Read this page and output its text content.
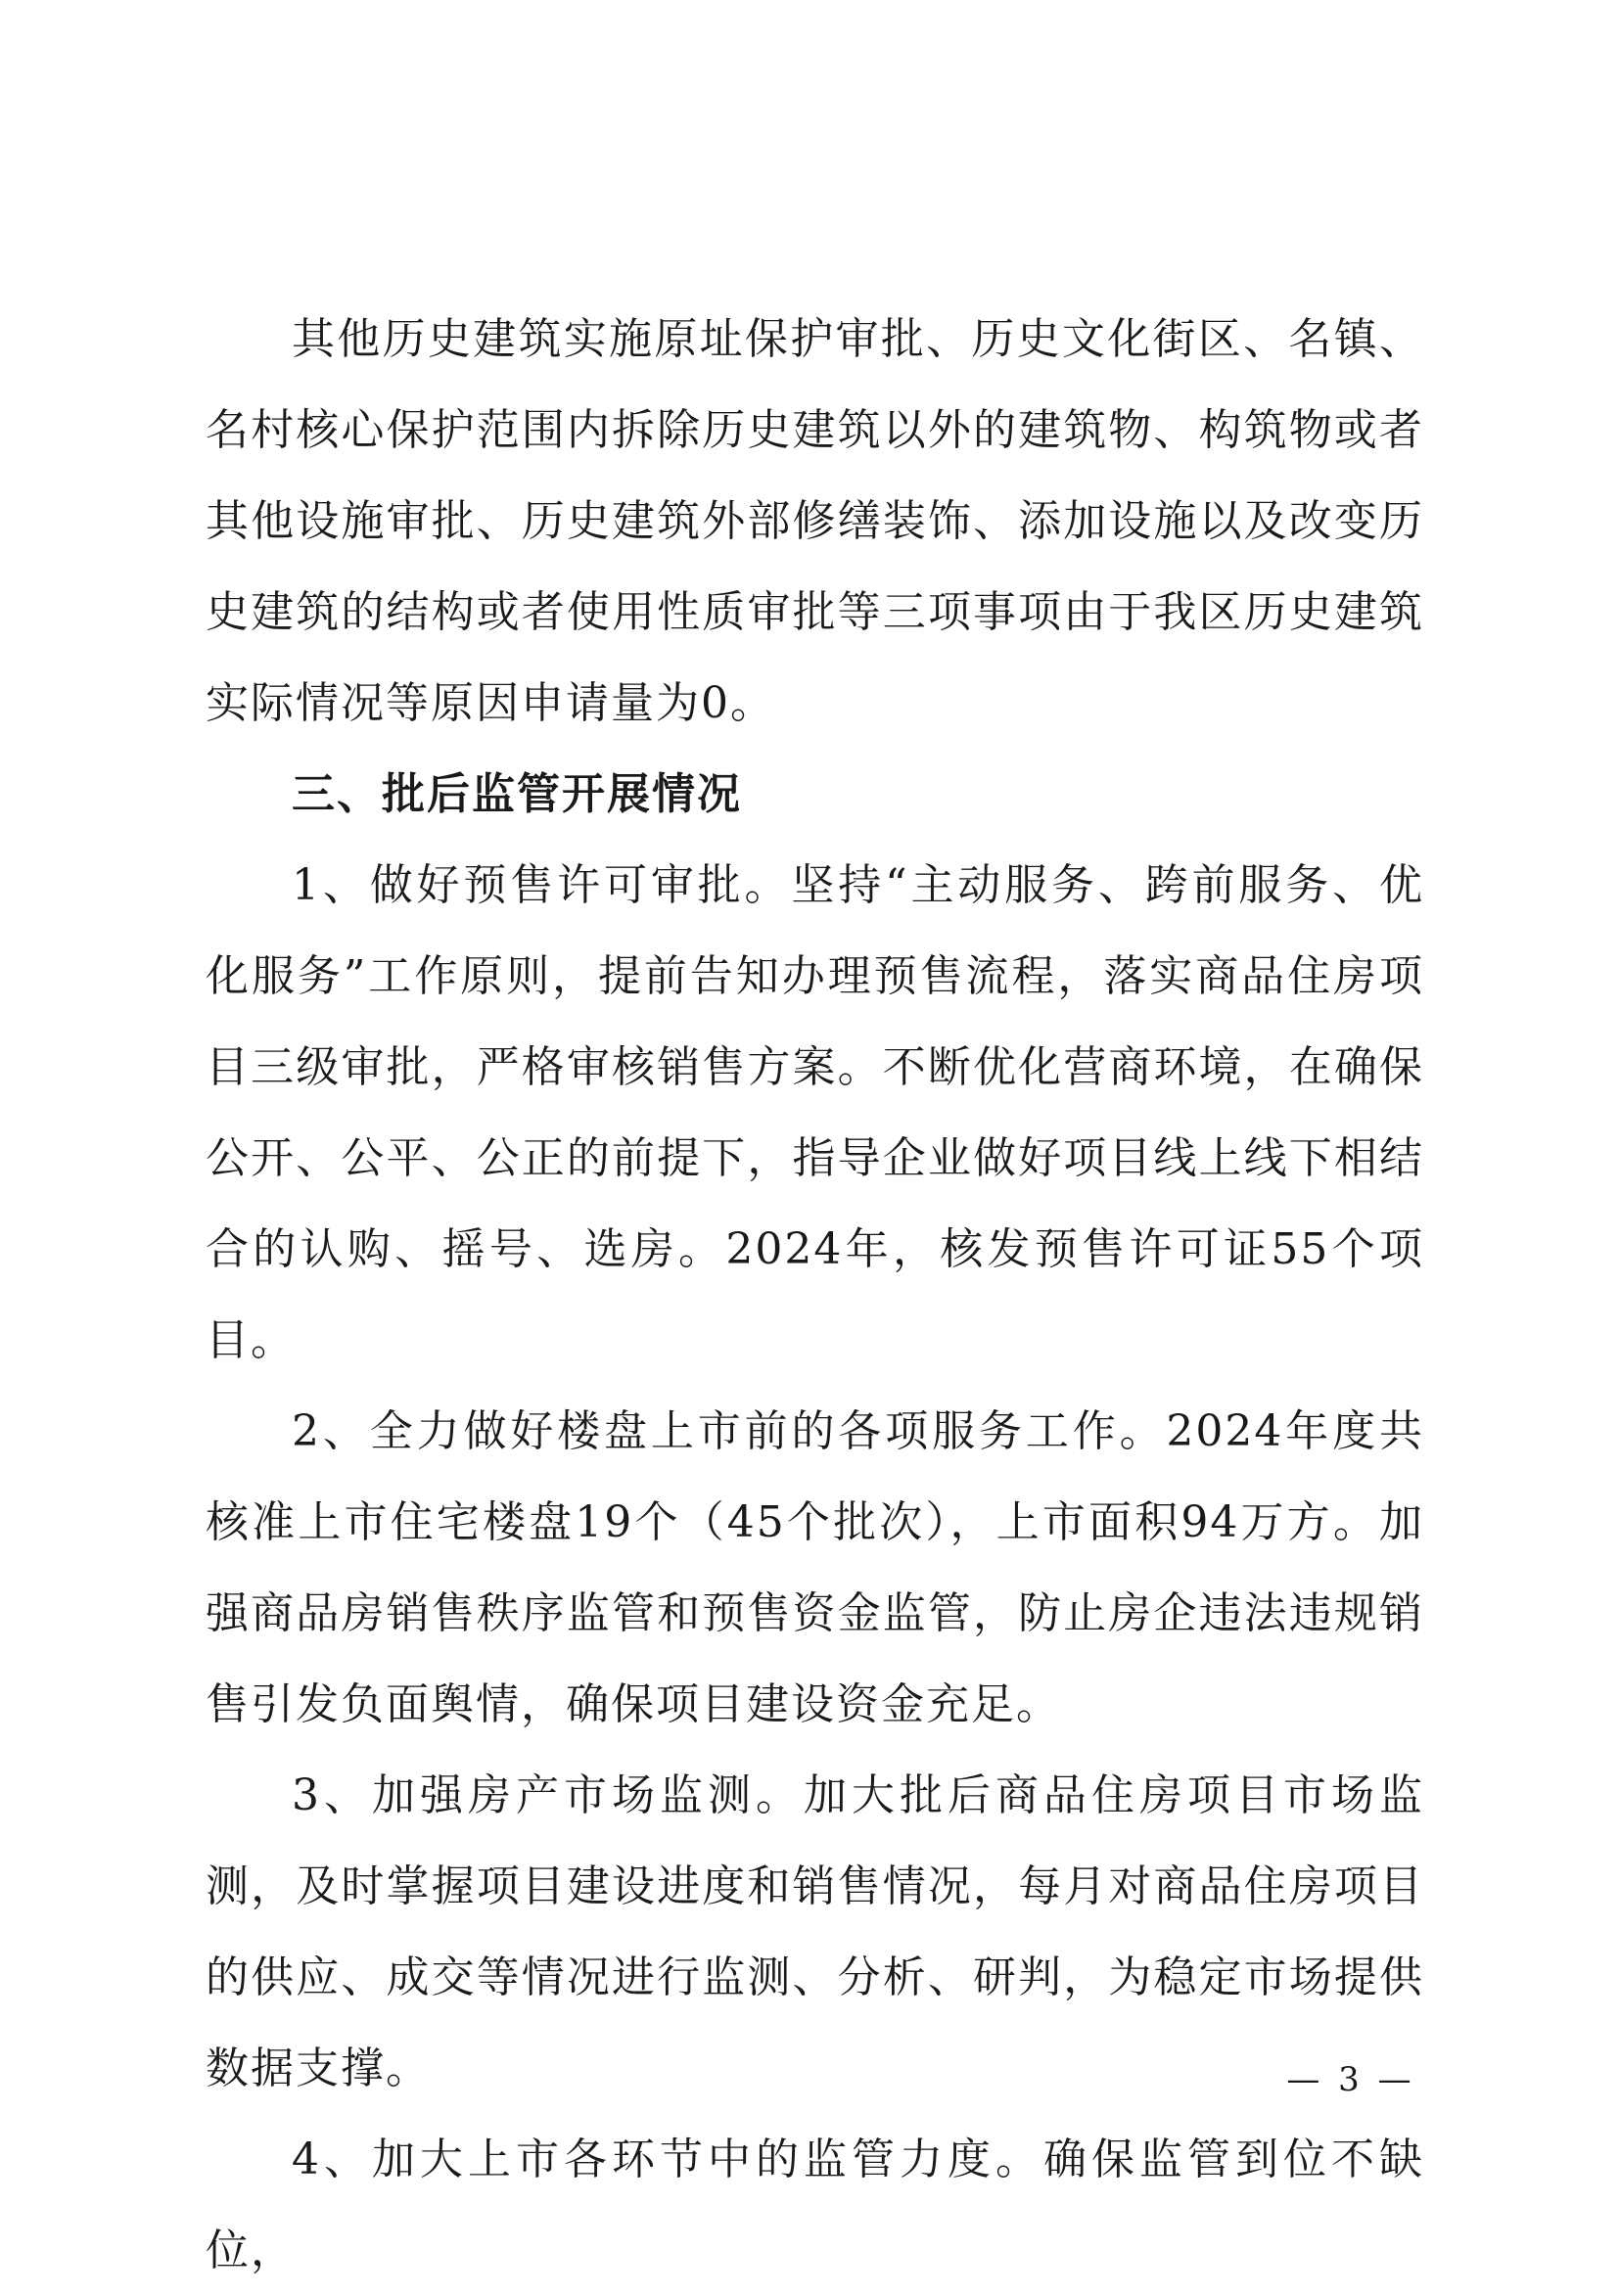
其他历史建筑实施原址保护审批、历史文化街区、名镇、名村核心保护范围内拆除历史建筑以外的建筑物、构筑物或者其他设施审批、历史建筑外部修缮装饰、添加设施以及改变历史建筑的结构或者使用性质审批等三项事项由于我区历史建筑实际情况等原因申请量为0。

三、批后监管开展情况

1、做好预售许可审批。坚持“主动服务、跨前服务、优化服务”工作原则，提前告知办理预售流程，落实商品住房项目三级审批，严格审核销售方案。不断优化营商环境，在确保公开、公平、公正的前提下，指导企业做好项目线上线下相结合的认购、摇号、选房。2024年，核发预售许可证55个项目。

2、全力做好楼盘上市前的各项服务工作。2024年度共核准上市住宅楼盘19个（45个批次），上市面积94万方。加强商品房销售秩序监管和预售资金监管，防止房企违法违规销售引发负面舆情，确保项目建设资金充足。

3、加强房产市场监测。加大批后商品住房项目市场监测，及时掌握项目建设进度和销售情况，每月对商品住房项目的供应、成交等情况进行监测、分析、研判，为稳定市场提供数据支撑。

4、加大上市各环节中的监管力度。确保监管到位不缺位，

— 3 —
